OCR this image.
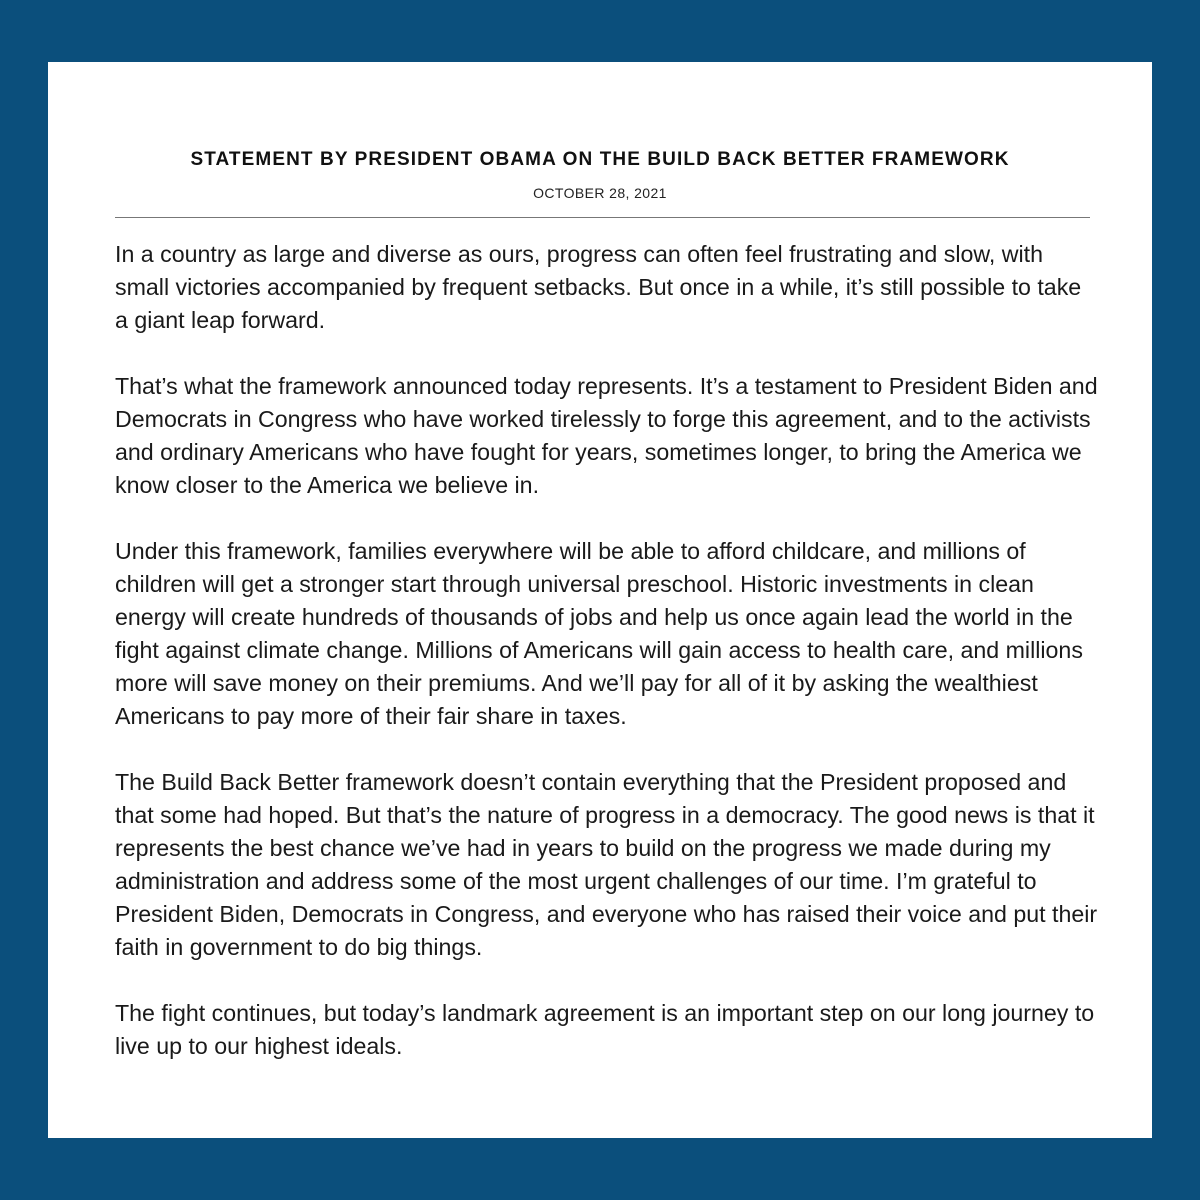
STATEMENT BY PRESIDENT OBAMA ON THE BUILD BACK BETTER FRAMEWORK
OCTOBER 28, 2021

In a country as large and diverse as ours, progress can often feel frustrating and slow, with small victories accompanied by frequent setbacks. But once in a while, it’s still possible to take a giant leap forward.

That’s what the framework announced today represents. It’s a testament to President Biden and Democrats in Congress who have worked tirelessly to forge this agreement, and to the activists and ordinary Americans who have fought for years, sometimes longer, to bring the America we know closer to the America we believe in.

Under this framework, families everywhere will be able to afford childcare, and millions of children will get a stronger start through universal preschool. Historic investments in clean energy will create hundreds of thousands of jobs and help us once again lead the world in the fight against climate change. Millions of Americans will gain access to health care, and millions more will save money on their premiums. And we’ll pay for all of it by asking the wealthiest Americans to pay more of their fair share in taxes.

The Build Back Better framework doesn’t contain everything that the President proposed and that some had hoped. But that’s the nature of progress in a democracy. The good news is that it represents the best chance we’ve had in years to build on the progress we made during my administration and address some of the most urgent challenges of our time. I’m grateful to President Biden, Democrats in Congress, and everyone who has raised their voice and put their faith in government to do big things.

The fight continues, but today’s landmark agreement is an important step on our long journey to live up to our highest ideals.
